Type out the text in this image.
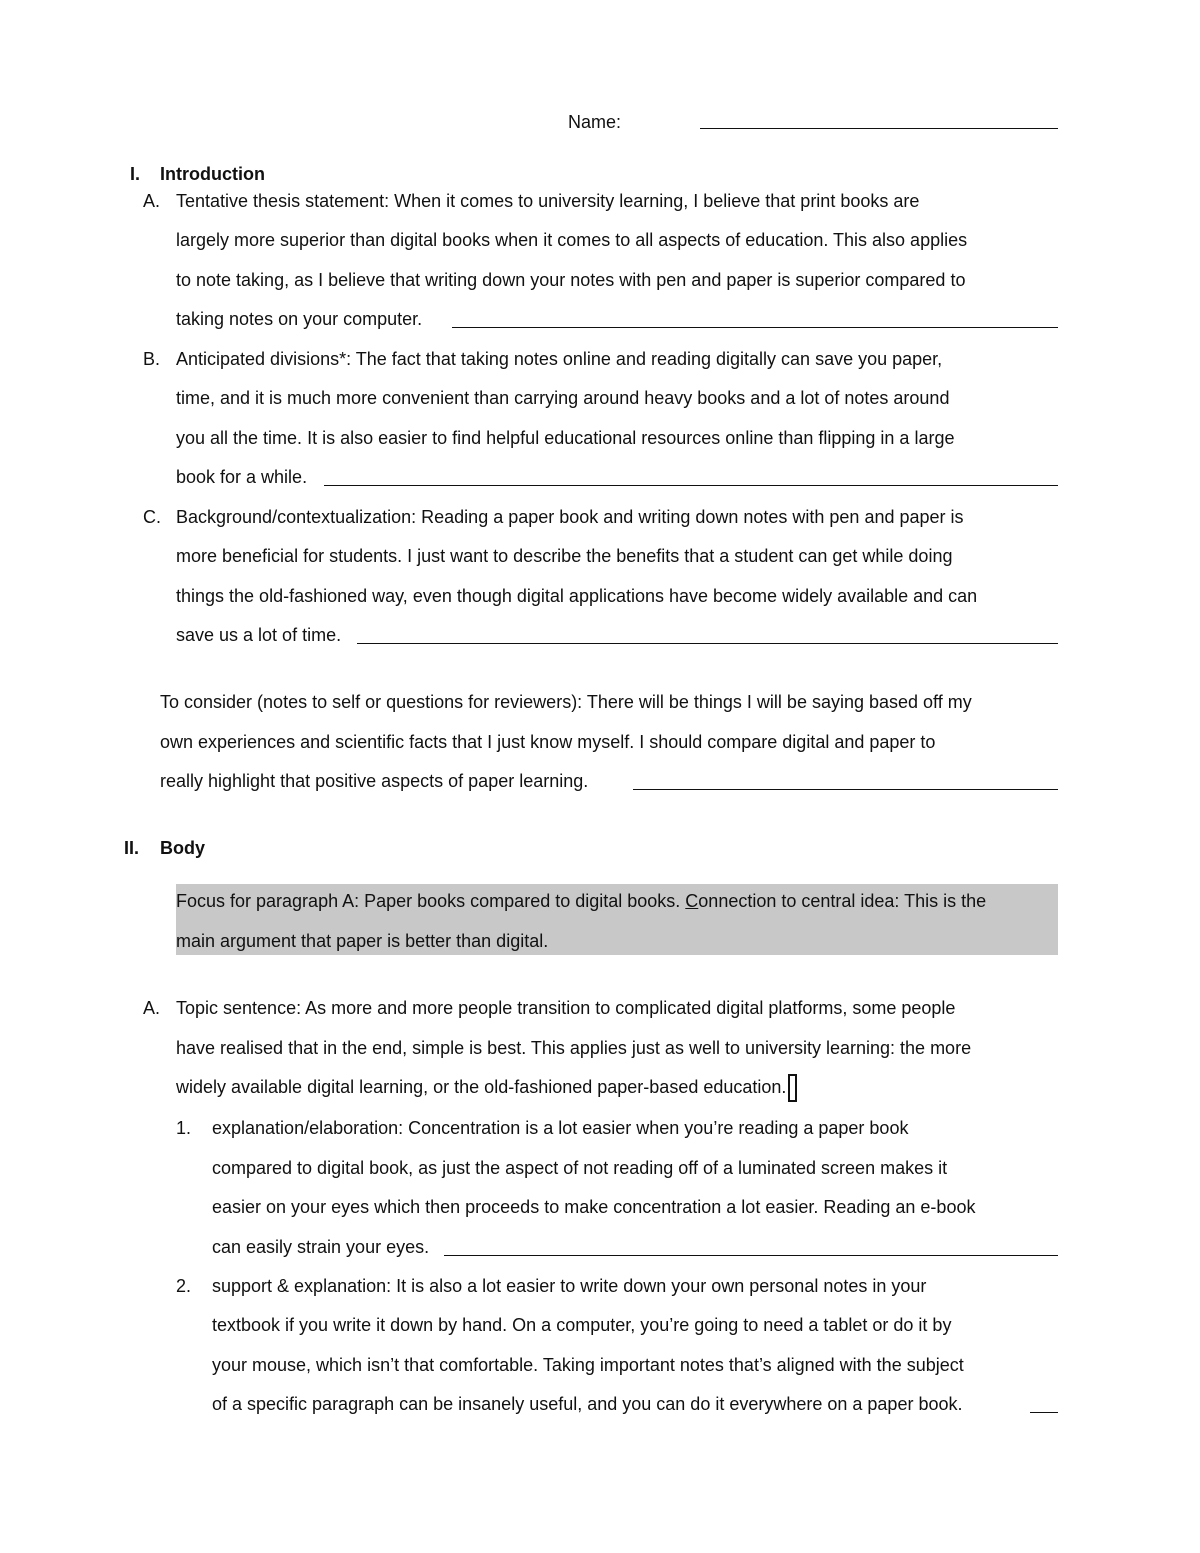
Name:
I. Introduction
A. Tentative thesis statement: When it comes to university learning, I believe that print books are
largely more superior than digital books when it comes to all aspects of education. This also applies
to note taking, as I believe that writing down your notes with pen and paper is superior compared to
taking notes on your computer.
B. Anticipated divisions*: The fact that taking notes online and reading digitally can save you paper,
time, and it is much more convenient than carrying around heavy books and a lot of notes around
you all the time. It is also easier to find helpful educational resources online than flipping in a large
book for a while.
C. Background/contextualization: Reading a paper book and writing down notes with pen and paper is
more beneficial for students. I just want to describe the benefits that a student can get while doing
things the old-fashioned way, even though digital applications have become widely available and can
save us a lot of time.
To consider (notes to self or questions for reviewers): There will be things I will be saying based off my
own experiences and scientific facts that I just know myself. I should compare digital and paper to
really highlight that positive aspects of paper learning.
II. Body
Focus for paragraph A: Paper books compared to digital books. Connection to central idea: This is the
main argument that paper is better than digital.
A. Topic sentence: As more and more people transition to complicated digital platforms, some people
have realised that in the end, simple is best. This applies just as well to university learning: the more
widely available digital learning, or the old-fashioned paper-based education.
1. explanation/elaboration: Concentration is a lot easier when you’re reading a paper book
compared to digital book, as just the aspect of not reading off of a luminated screen makes it
easier on your eyes which then proceeds to make concentration a lot easier. Reading an e-book
can easily strain your eyes.
2. support & explanation: It is also a lot easier to write down your own personal notes in your
textbook if you write it down by hand. On a computer, you’re going to need a tablet or do it by
your mouse, which isn’t that comfortable. Taking important notes that’s aligned with the subject
of a specific paragraph can be insanely useful, and you can do it everywhere on a paper book.
